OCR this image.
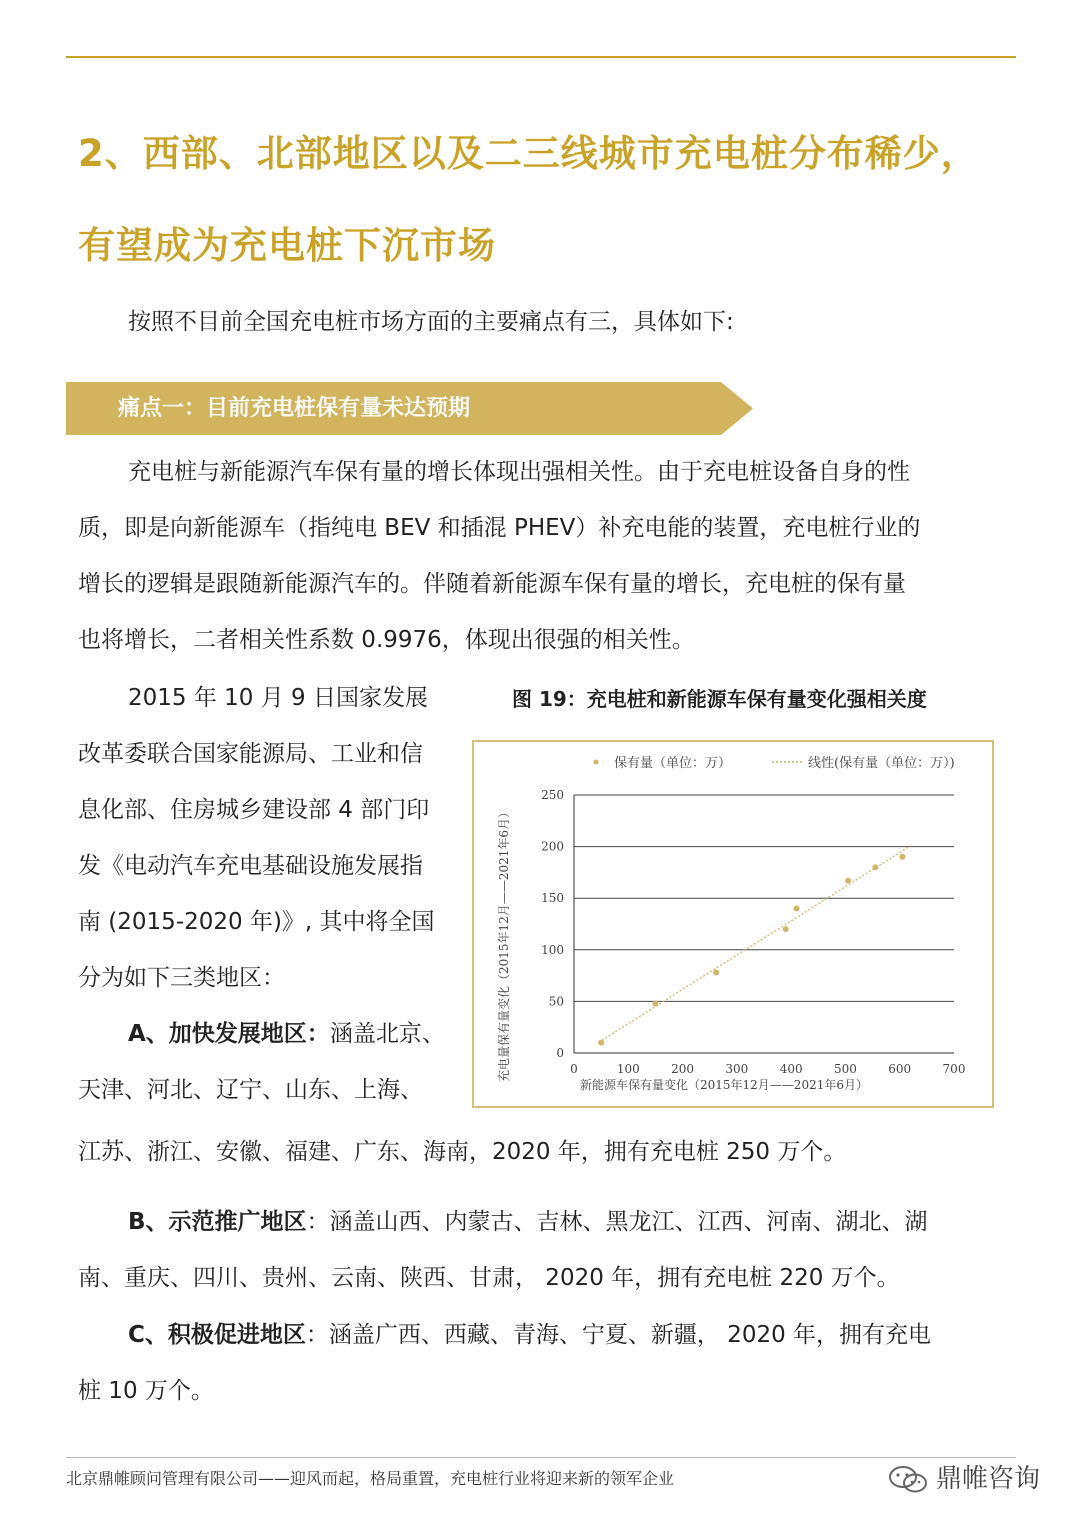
2、西部、北部地区以及二三线城市充电桩分布稀少，
有望成为充电桩下沉市场
按照不目前全国充电桩市场方面的主要痛点有三，具体如下:
痛点一：目前充电桩保有量未达预期
充电桩与新能源汽车保有量的增长体现出强相关性。由于充电桩设备自身的性
质，即是向新能源车（指纯电 BEV 和插混 PHEV）补充电能的装置，充电桩行业的
增长的逻辑是跟随新能源汽车的。伴随着新能源车保有量的增长，充电桩的保有量
也将增长，二者相关性系数 0.9976，体现出很强的相关性。
2015 年 10 月 9 日国家发展
改革委联合国家能源局、工业和信
息化部、住房城乡建设部 4 部门印
发《电动汽车充电基础设施发展指
南 (2015-2020 年)》, 其中将全国
分为如下三类地区：
A、加快发展地区：涵盖北京、
天津、河北、辽宁、山东、上海、
江苏、浙江、安徽、福建、广东、海南，2020 年，拥有充电桩 250 万个。
B、示范推广地区：涵盖山西、内蒙古、吉林、黑龙江、江西、河南、湖北、湖
南、重庆、四川、贵州、云南、陕西、甘肃， 2020 年，拥有充电桩 220 万个。
C、积极促进地区：涵盖广西、西藏、青海、宁夏、新疆， 2020 年，拥有充电
桩 10 万个。
图 19：充电桩和新能源车保有量变化强相关度
保有量（单位：万）	线性(保有量（单位：万）)
0
50
100
150
200
250
0	100	200	300	400	500	600	700
新能源车保有量变化（2015年12月——2021年6月）
充电量保有量变化（2015年12月——2021年6月）
北京鼎帷顾问管理有限公司——迎风而起，格局重置，充电桩行业将迎来新的领军企业	鼎帷咨询
